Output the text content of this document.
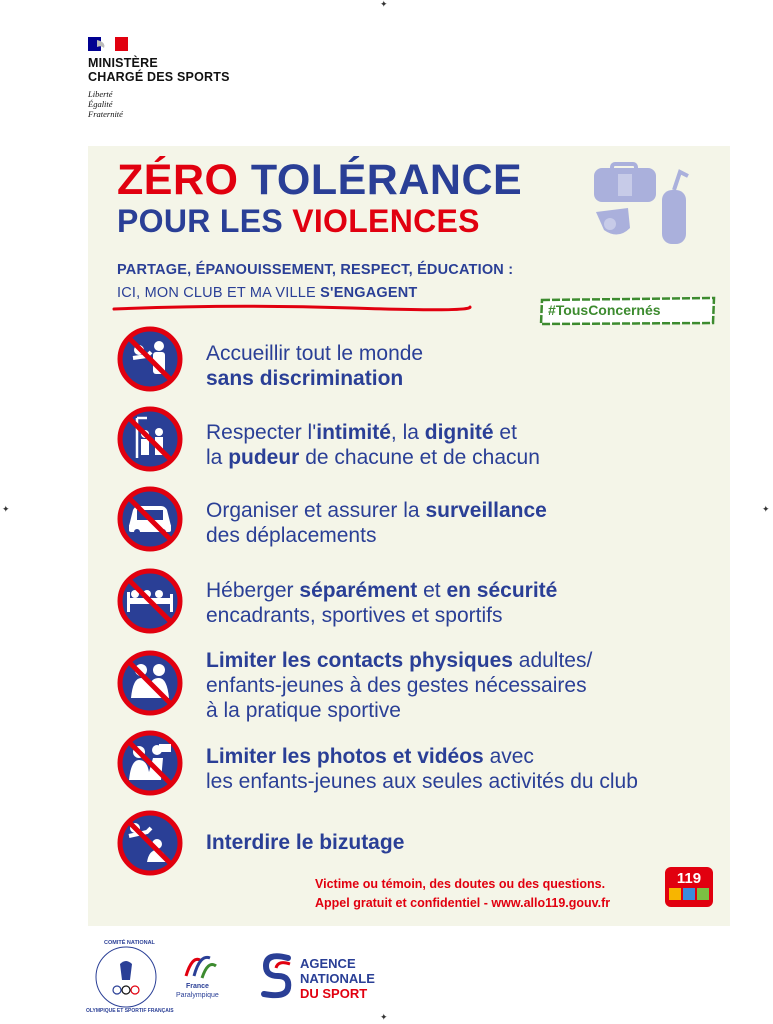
✦
✦	✦
✦
MINISTÈRE
CHARGÉ DES SPORTS
Liberté
Égalité
Fraternité
ZÉRO TOLÉRANCE
POUR LES VIOLENCES
PARTAGE, ÉPANOUISSEMENT, RESPECT, ÉDUCATION :
ICI, MON CLUB ET MA VILLE S'ENGAGENT
#TousConcernés
Accueillir tout le monde
sans discrimination
Respecter l'intimité, la dignité et
la pudeur de chacune et de chacun
Organiser et assurer la surveillance
des déplacements
Héberger séparément et en sécurité
encadrants, sportives et sportifs
Limiter les contacts physiques adultes/
enfants-jeunes à des gestes nécessaires
à la pratique sportive
Limiter les photos et vidéos avec
les enfants-jeunes aux seules activités du club
Interdire le bizutage
Victime ou témoin, des doutes ou des questions.
Appel gratuit et confidentiel - www.allo119.gouv.fr
119
COMITÉ NATIONAL
OLYMPIQUE ET SPORTIF FRANÇAIS
France
Paralympique
AGENCE
NATIONALE
DU SPORT
